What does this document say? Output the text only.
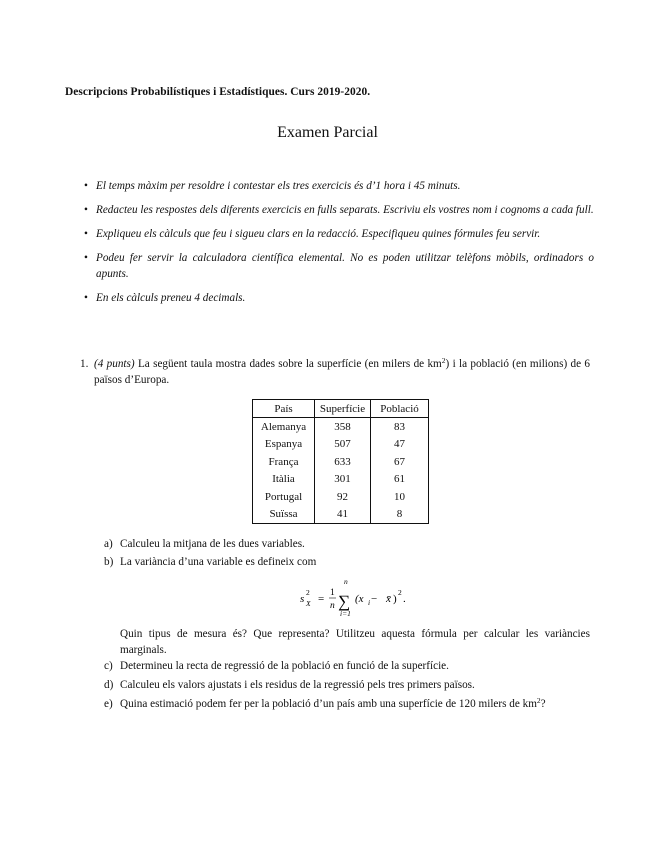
Descripcions Probabilístiques i Estadístiques. Curs 2019-2020.
Examen Parcial
• El temps màxim per resoldre i contestar els tres exercicis és d’1 hora i 45 minuts.
• Redacteu les respostes dels diferents exercicis en fulls separats. Escriviu els vostres nom i cognoms a cada full.
• Expliqueu els càlculs que feu i sigueu clars en la redacció. Especifiqueu quines fórmules feu servir.
• Podeu fer servir la calculadora científica elemental. No es poden utilitzar telèfons mòbils, ordinadors o apunts.
• En els càlculs preneu 4 decimals.
1. (4 punts) La següent taula mostra dades sobre la superfície (en milers de $km^2$) i la població (en milions) de 6 països d’Europa.
País	Superfície	Població
Alemanya	358	83
Espanya	507	47
França	633	67
Itàlia	301	61
Portugal	92	10
Suïssa	41	8
a) Calculeu la mitjana de les dues variables.
b) La variància d’una variable es defineix com
s
2
X = 1
n
n
∑
i=1
(x i − x̄ )
2
.
Quin tipus de mesura és? Que representa? Utilitzeu aquesta fórmula per calcular les variàncies marginals.
c) Determineu la recta de regressió de la població en funció de la superfície.
d) Calculeu els valors ajustats i els residus de la regressió pels tres primers països.
e) Quina estimació podem fer per la població d’un país amb una superfície de 120 milers de $km^2$?
